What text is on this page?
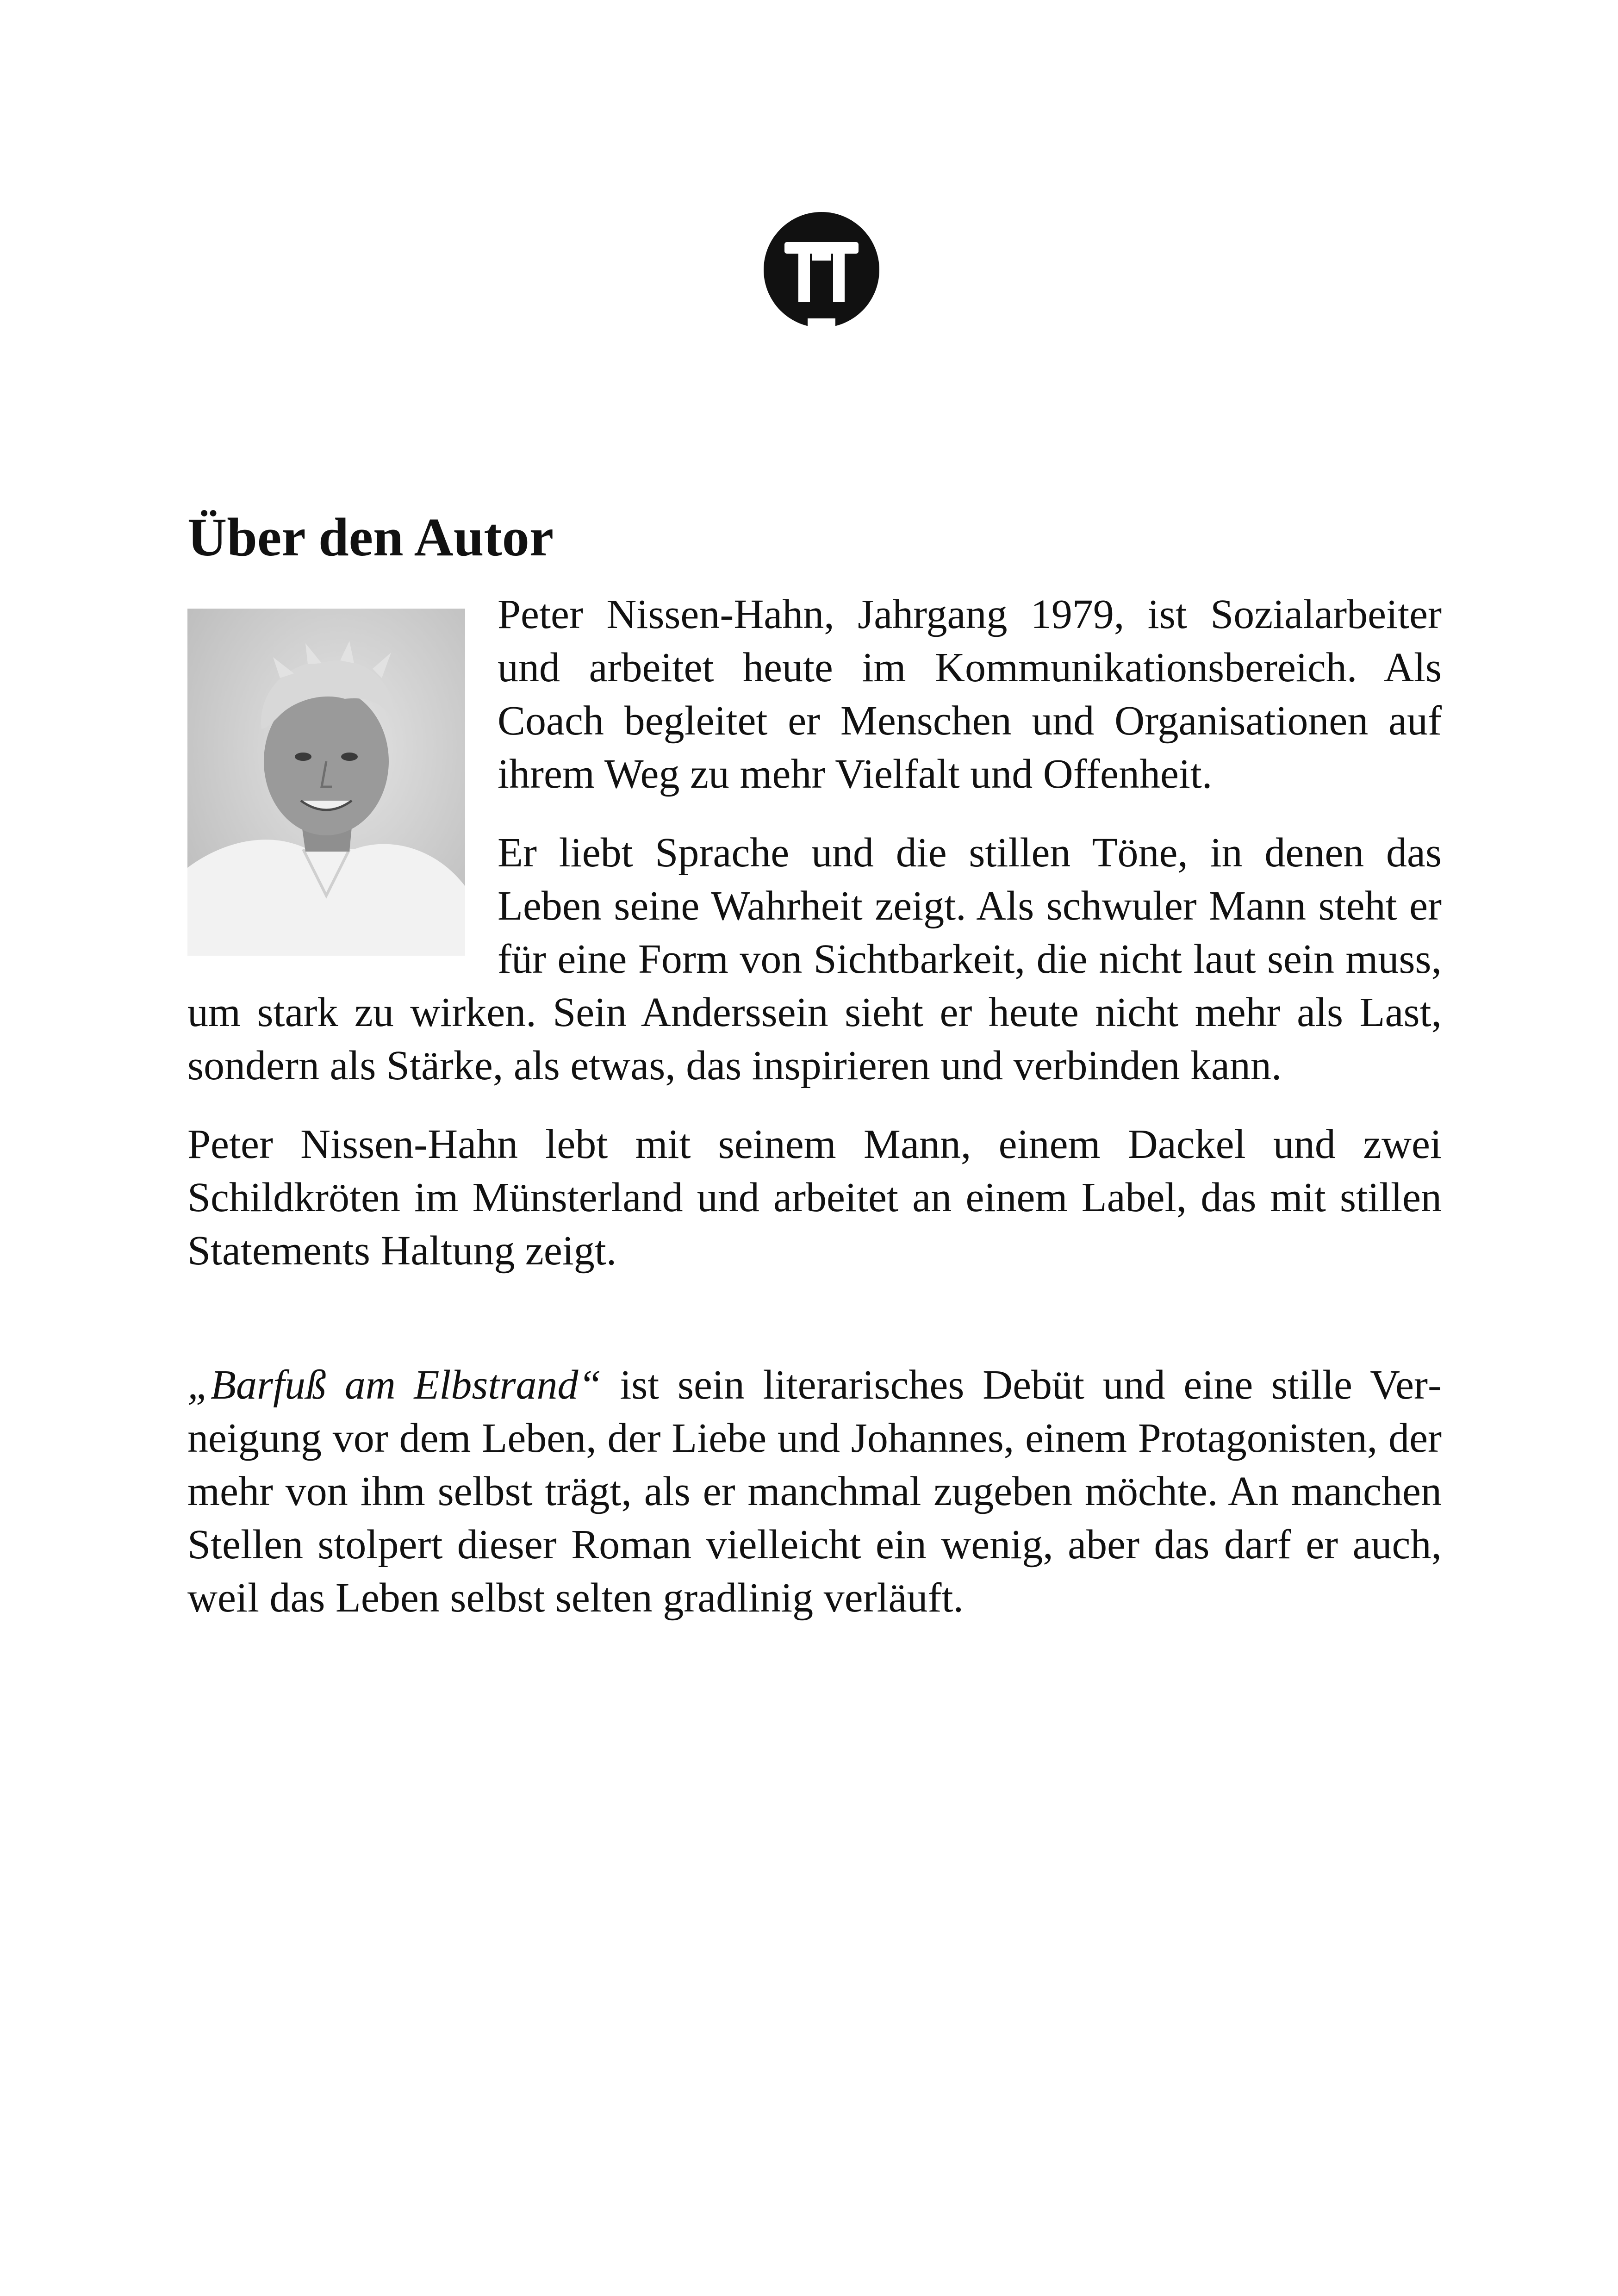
Über den Autor

Peter Nissen-Hahn, Jahrgang 1979, ist Sozialarbeiter und arbeitet heute im Kommunikationsbereich. Als Coach begleitet er Menschen und Organisationen auf ihrem Weg zu mehr Vielfalt und Offenheit.

Er liebt Sprache und die stillen Töne, in denen das Leben seine Wahrheit zeigt. Als schwuler Mann steht er für eine Form von Sichtbarkeit, die nicht laut sein muss, um stark zu wirken. Sein Anderssein sieht er heute nicht mehr als Last, sondern als Stärke, als etwas, das inspirieren und verbinden kann.

Peter Nissen-Hahn lebt mit seinem Mann, einem Dackel und zwei Schildkröten im Münsterland und arbeitet an einem Label, das mit stillen Statements Haltung zeigt.

„Barfuß am Elbstrand“ ist sein literarisches Debüt und eine stille Verneigung vor dem Leben, der Liebe und Johannes, einem Protagonisten, der mehr von ihm selbst trägt, als er manchmal zugeben möchte. An manchen Stellen stolpert dieser Roman vielleicht ein wenig, aber das darf er auch, weil das Leben selbst selten gradlinig verläuft.
